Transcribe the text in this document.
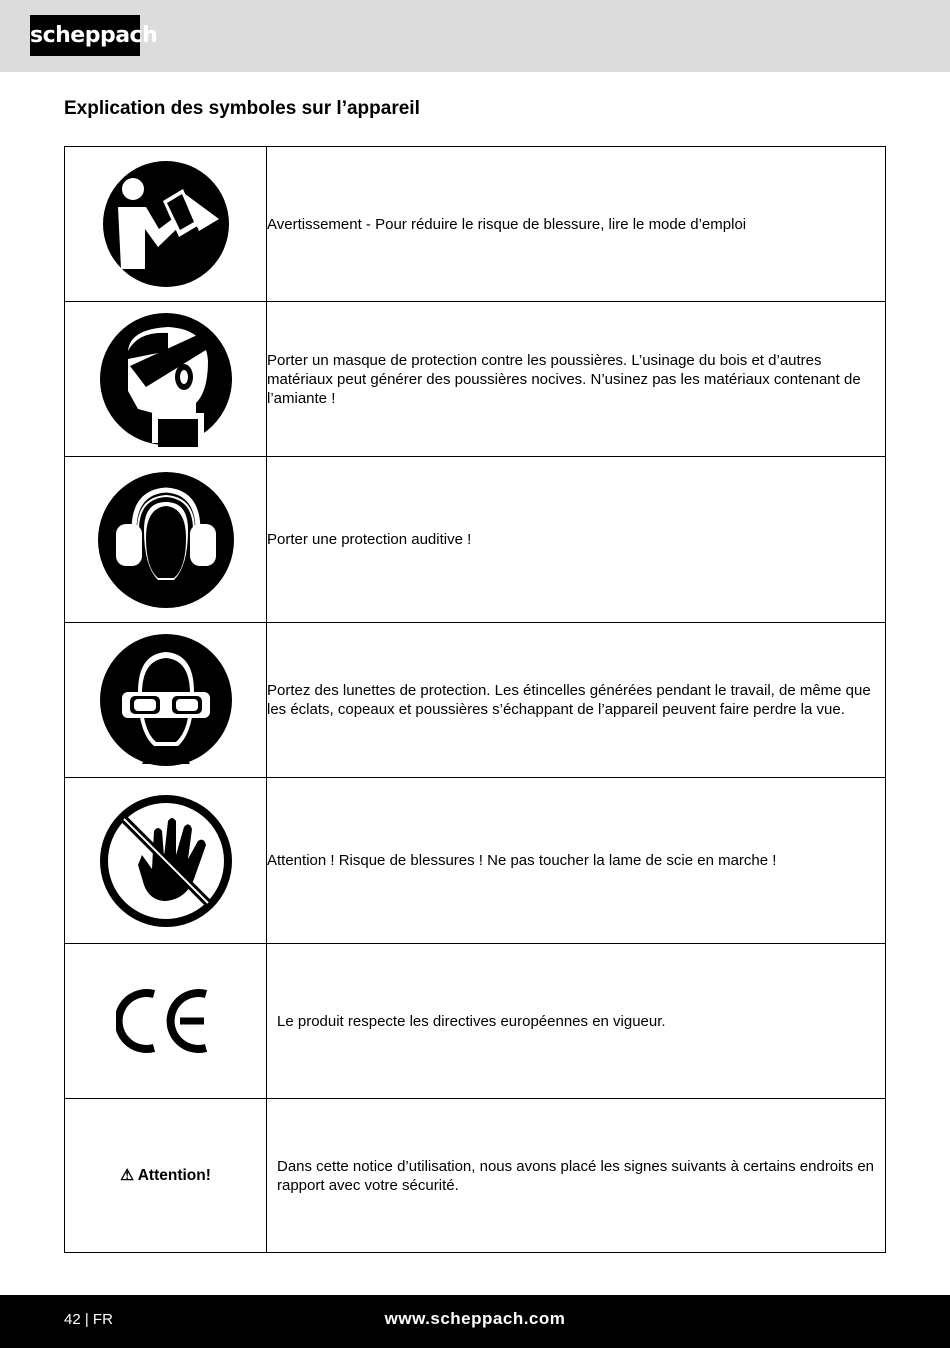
scheppach
Explication des symboles sur l’appareil
	Avertissement - Pour réduire le risque de blessure, lire le mode d’emploi

	Porter un masque de protection contre les poussières. L’usinage du bois et d’autres matériaux peut générer des poussières nocives. N’usinez pas les matériaux contenant de l’amiante !

	Porter une protection auditive !

	Portez des lunettes de protection. Les étincelles générées pendant le travail, de même que les éclats, copeaux et poussières s’échappant de l’appareil peuvent faire perdre la vue.

	Attention ! Risque de blessures ! Ne pas toucher la lame de scie en marche !

	Le produit respecte les directives européennes en vigueur.
⚠ Attention!	Dans cette notice d’utilisation, nous avons placé les signes suivants à certains endroits en rapport avec votre sécurité.
42 | FR	www.scheppach.com
